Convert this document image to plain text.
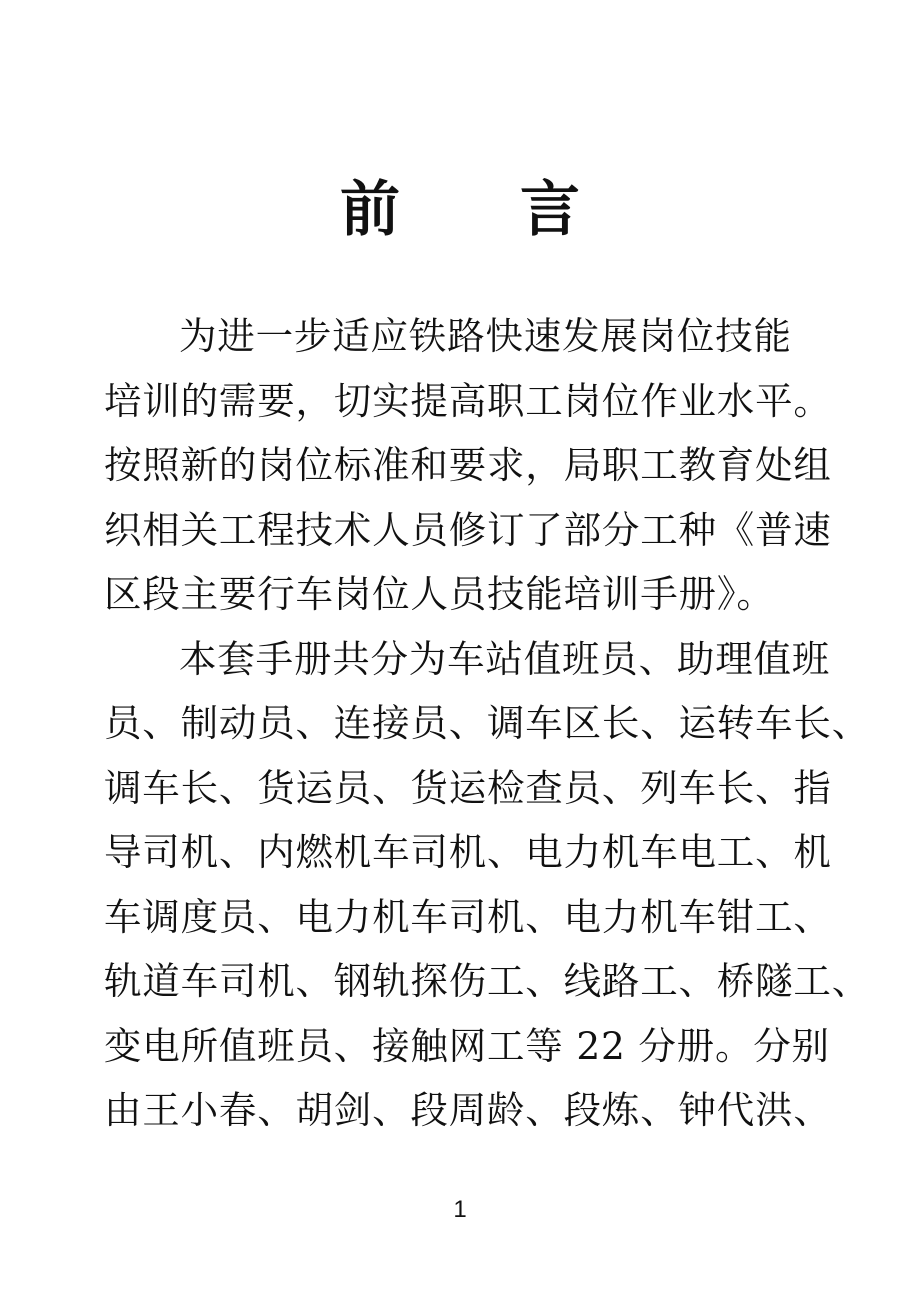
前 言
为进一步适应铁路快速发展岗位技能
培训的需要，切实提高职工岗位作业水平。
按照新的岗位标准和要求，局职工教育处组
织相关工程技术人员修订了部分工种《普速
区段主要行车岗位人员技能培训手册》。
本套手册共分为车站值班员、助理值班
员、制动员、连接员、调车区长、运转车长、
调车长、货运员、货运检查员、列车长、指
导司机、内燃机车司机、电力机车电工、机
车调度员、电力机车司机、电力机车钳工、
轨道车司机、钢轨探伤工、线路工、桥隧工、
变电所值班员、接触网工等 22 分册。分别
由王小春、胡剑、段周龄、段炼、钟代洪、
1
